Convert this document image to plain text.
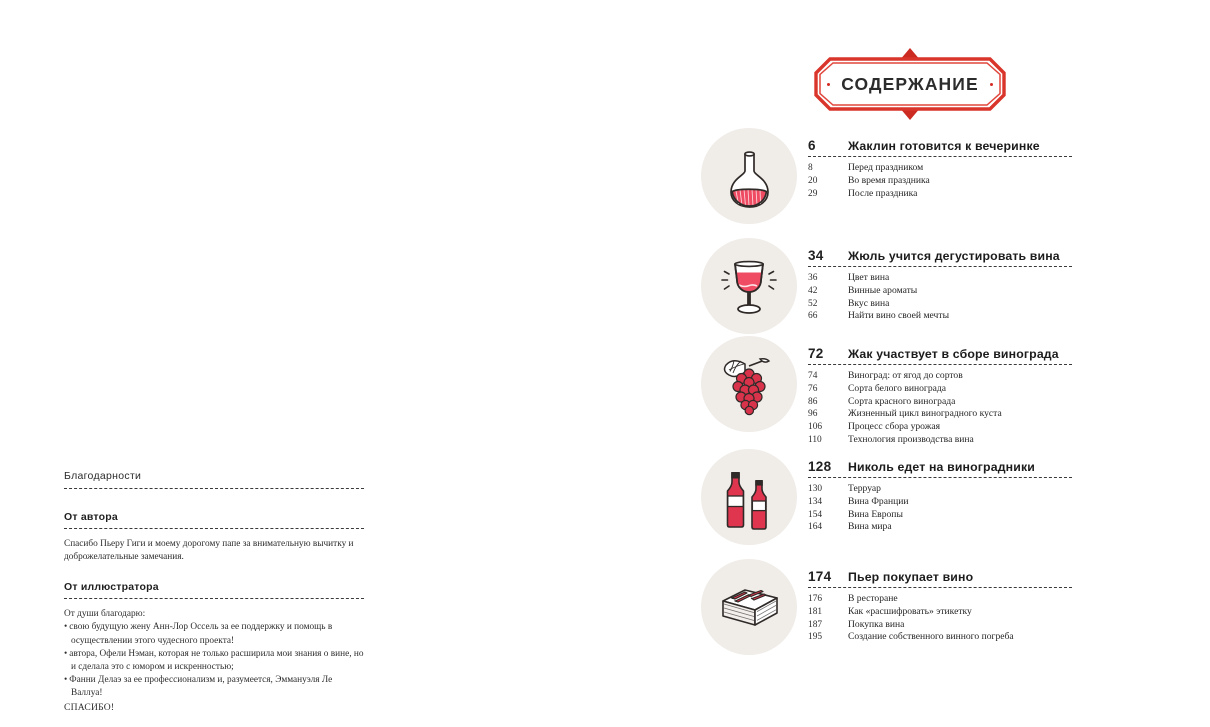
Благодарности
От автора
Спасибо Пьеру Гиги и моему дорогому папе за внимательную вычитку и доброжелательные замечания.
От иллюстратора
От души благодарю:
• свою будущую жену Анн-Лор Оссель за ее поддержку и помощь в осуществлении этого чудесного проекта!
• автора, Офели Нэман, которая не только расширила мои знания о вине, но и сделала это с юмором и искренностью;
• Фанни Делаэ за ее профессионализм и, разумеется, Эммануэля Ле Валлуа!
СПАСИБО!
СОДЕРЖАНИЕ
6	Жаклин готовится к вечеринке
8	Перед праздником
20	Во время праздника
29	После праздника
34	Жюль учится дегустировать вина
36	Цвет вина
42	Винные ароматы
52	Вкус вина
66	Найти вино своей мечты
72	Жак участвует в сборе винограда
74	Виноград: от ягод до сортов
76	Сорта белого винограда
86	Сорта красного винограда
96	Жизненный цикл виноградного куста
106	Процесс сбора урожая
110	Технология производства вина
128	Николь едет на виноградники
130	Терруар
134	Вина Франции
154	Вина Европы
164	Вина мира
174	Пьер покупает вино
176	В ресторане
181	Как «расшифровать» этикетку
187	Покупка вина
195	Создание собственного винного погреба
